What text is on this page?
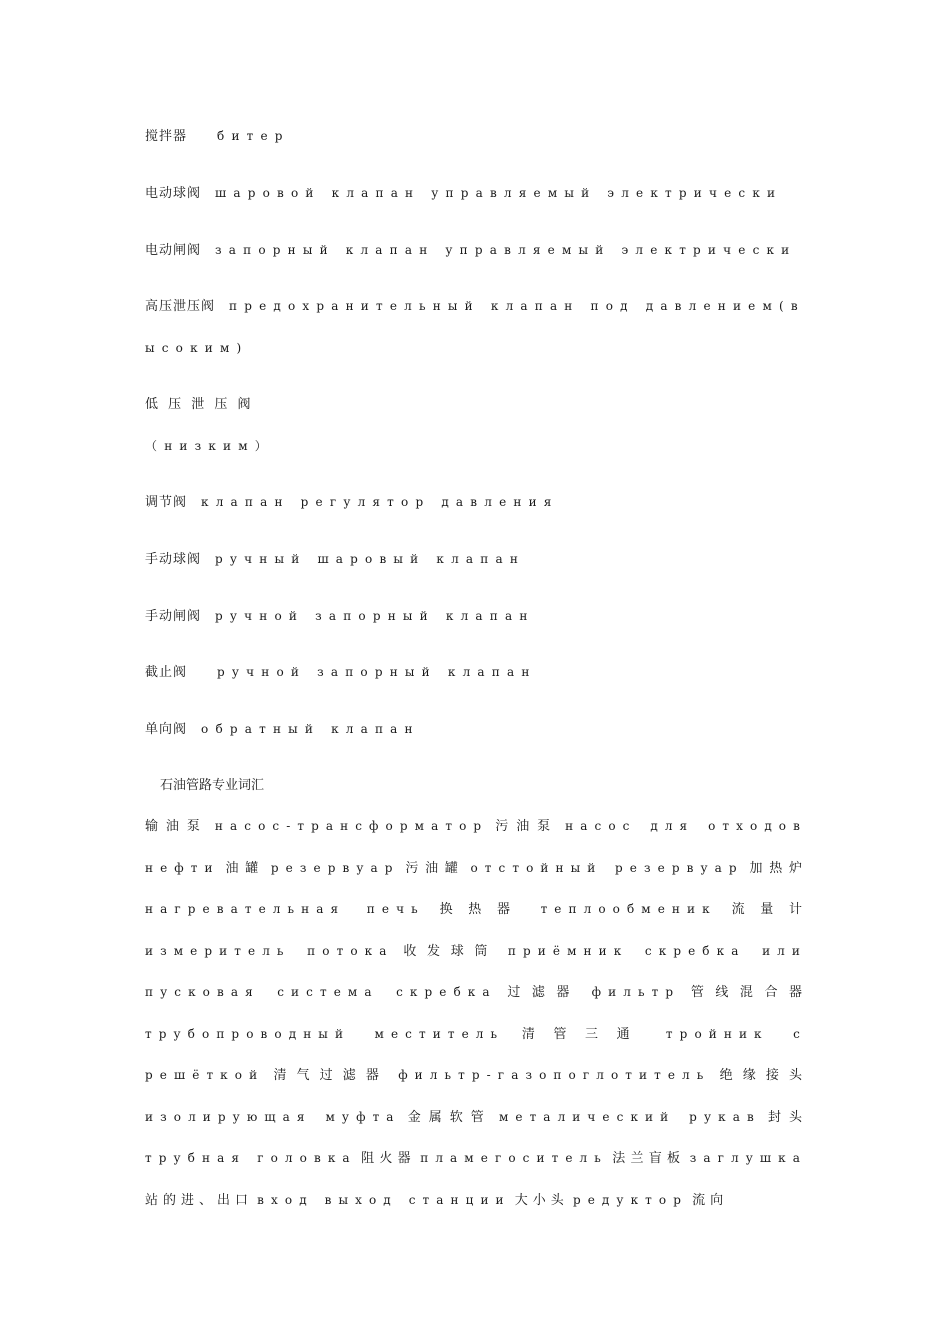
搅拌器	битер
电动球阀 шаровой клапан управляемый электрически
电动闸阀 запорный клапан управляемый электрически
高压泄压阀 предохранительный клапан под давлением(в
ысоким)
低 压 泄 压 阀
（низким）
调节阀 клапан регулятор давления
手动球阀 ручный шаровый клапан
手动闸阀 ручной запорный клапан
截止阀	ручной запорный клапан
单向阀 обратный клапан
石油管路专业词汇
输油泵 насос-трансформатор 污油泵 насос для отходов нефти 油罐 резервуар 污油罐 отстойный резервуар 加热炉 нагревательная печь 换热器 теплообменик 流量计 измеритель потока 收发球筒 приёмник скребка или пусковая система скребка 过滤器 фильтр 管线混合器 трубопроводный меститель 清管三通 тройник с решёткой 清气过滤器 фильтр-газопоглотитель 绝缘接头 изолирующая муфта 金属软管 металический рукав 封头 трубная головка 阻火器 пламегоситель 法兰盲板 заглушка 站的进、出口 вход выход станции 大小头 редуктор 流向
